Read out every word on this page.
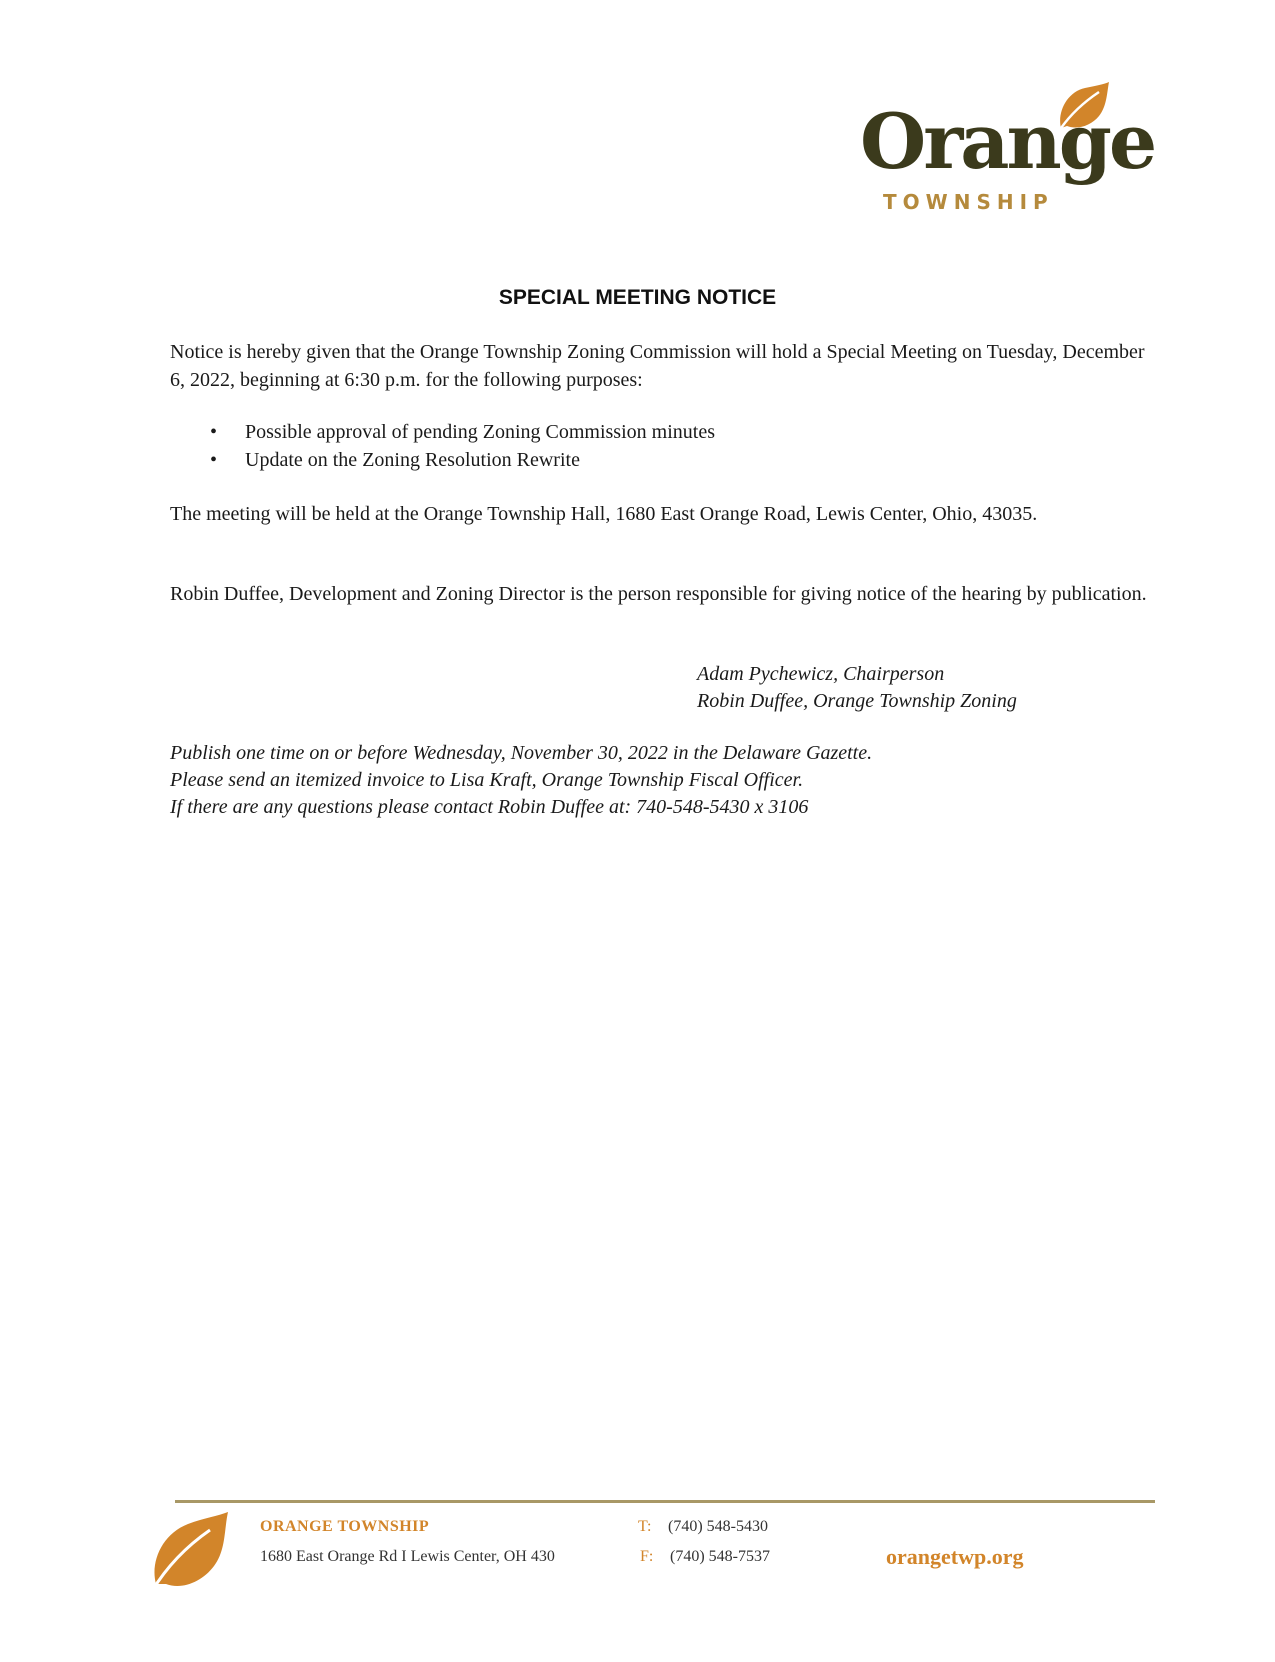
Orange
TOWNSHIP
SPECIAL MEETING NOTICE

Notice is hereby given that the Orange Township Zoning Commission will hold a Special Meeting on Tuesday, December 6, 2022, beginning at 6:30 p.m. for the following purposes:

• Possible approval of pending Zoning Commission minutes
• Update on the Zoning Resolution Rewrite

The meeting will be held at the Orange Township Hall, 1680 East Orange Road, Lewis Center, Ohio, 43035.

Robin Duffee, Development and Zoning Director is the person responsible for giving notice of the hearing by publication.

Adam Pychewicz, Chairperson
Robin Duffee, Orange Township Zoning
Publish one time on or before Wednesday, November 30, 2022 in the Delaware Gazette.
Please send an itemized invoice to Lisa Kraft, Orange Township Fiscal Officer.
If there are any questions please contact Robin Duffee at: 740-548-5430 x 3106
ORANGE TOWNSHIP
1680 East Orange Rd I Lewis Center, OH 430
T: (740) 548-5430
F: (740) 548-7537	orangetwp.org
